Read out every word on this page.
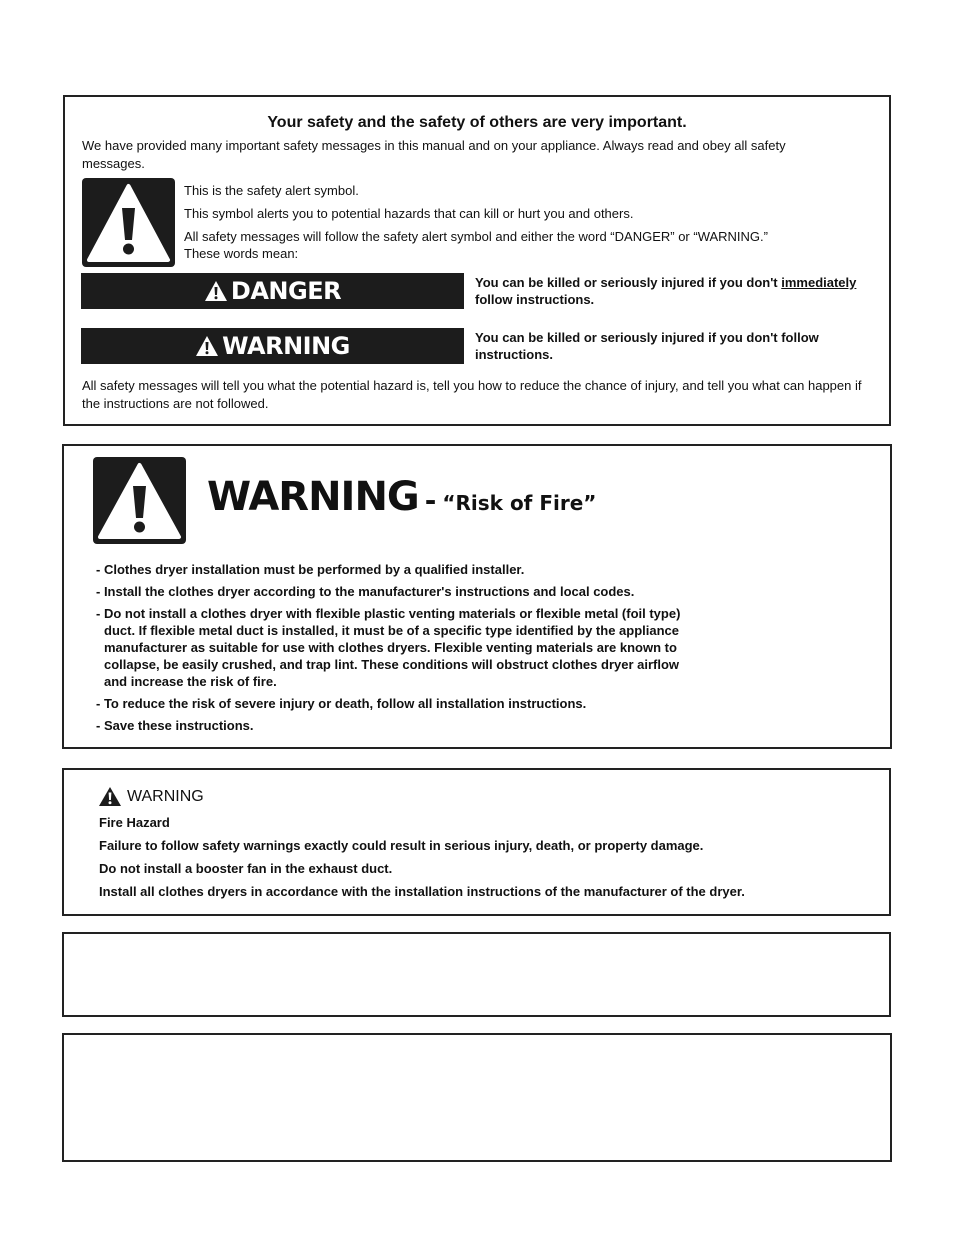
Your safety and the safety of others are very important.
We have provided many important safety messages in this manual and on your appliance. Always read and obey all safety messages.
This is the safety alert symbol.
This symbol alerts you to potential hazards that can kill or hurt you and others.
All safety messages will follow the safety alert symbol and either the word “DANGER” or “WARNING.”
These words mean:
DANGER	You can be killed or seriously injured if you don't immediately follow instructions.
WARNING	You can be killed or seriously injured if you don't follow instructions.
All safety messages will tell you what the potential hazard is, tell you how to reduce the chance of injury, and tell you what can happen if the instructions are not followed.
WARNING - “Risk of Fire”
- Clothes dryer installation must be performed by a qualified installer.
- Install the clothes dryer according to the manufacturer's instructions and local codes.
- Do not install a clothes dryer with flexible plastic venting materials or flexible metal (foil type) duct. If flexible metal duct is installed, it must be of a specific type identified by the appliance manufacturer as suitable for use with clothes dryers. Flexible venting materials are known to collapse, be easily crushed, and trap lint. These conditions will obstruct clothes dryer airflow and increase the risk of fire.
- To reduce the risk of severe injury or death, follow all installation instructions.
- Save these instructions.
WARNING
Fire Hazard
Failure to follow safety warnings exactly could result in serious injury, death, or property damage.
Do not install a booster fan in the exhaust duct.
Install all clothes dryers in accordance with the installation instructions of the manufacturer of the dryer.
